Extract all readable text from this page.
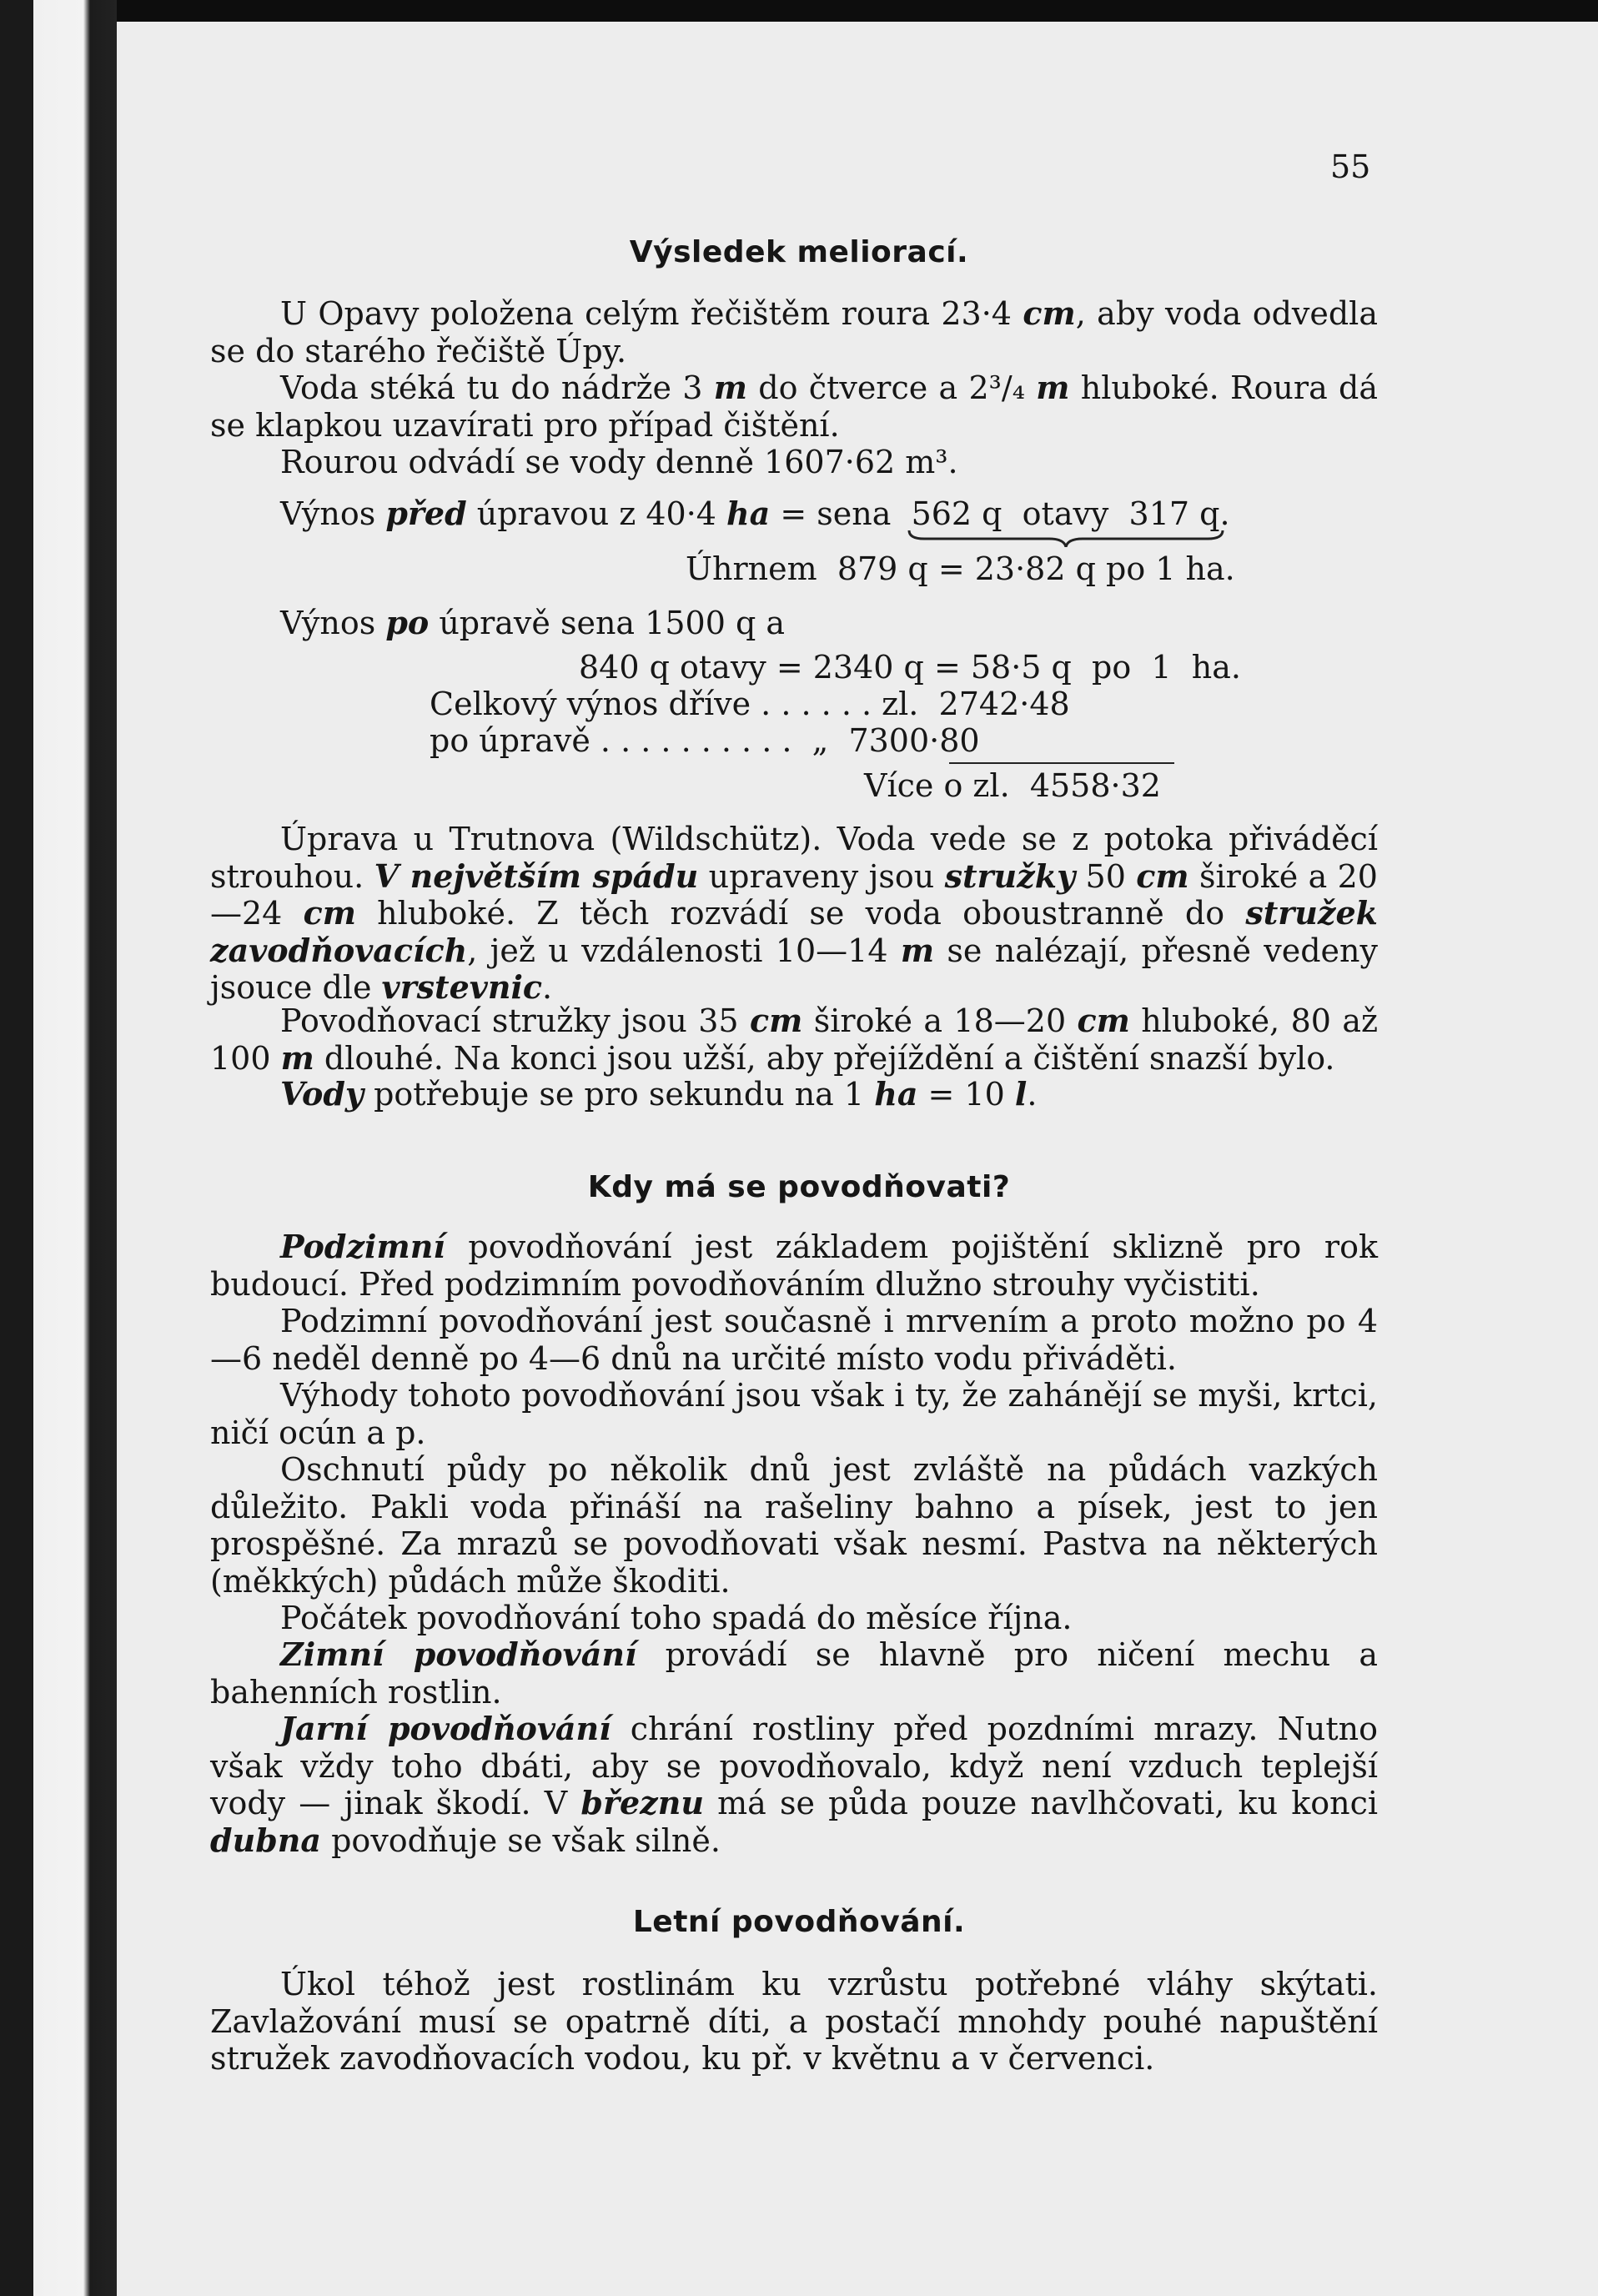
55
Výsledek meliorací.
U Opavy položena celým řečištěm roura 23·4 cm, aby voda odvedla se do starého řečiště Úpy.
Voda stéká tu do nádrže 3 m do čtverce a 2³/₄ m hluboké. Roura dá se klapkou uzavírati pro případ čištění.
Rourou odvádí se vody denně 1607·62 m³.
Výnos před úpravou z 40·4 ha = sena  562 q  otavy  317 q.
Úhrnem  879 q = 23·82 q po 1 ha.
Výnos po úpravě sena 1500 q a
840 q otavy = 2340 q = 58·5 q  po  1  ha.
Celkový výnos dříve . . . . . . zl.  2742·48
po úpravě . . . . . . . . . .  „  7300·80
Více o zl.  4558·32
Úprava u Trutnova (Wildschütz). Voda vede se z potoka přiváděcí strouhou. V největším spádu upraveny jsou stružky 50 cm široké a 20—24 cm hluboké. Z těch rozvádí se voda oboustranně do stružek zavodňovacích, jež u vzdálenosti 10—14 m se nalézají, přesně vedeny jsouce dle vrstevnic.
Povodňovací stružky jsou 35 cm široké a 18—20 cm hluboké, 80 až 100 m dlouhé. Na konci jsou užší, aby přejíždění a čištění snazší bylo.
Vody potřebuje se pro sekundu na 1 ha = 10 l.
Kdy má se povodňovati?
Podzimní povodňování jest základem pojištění sklizně pro rok budoucí. Před podzimním povodňováním dlužno strouhy vyčistiti.
Podzimní povodňování jest současně i mrvením a proto možno po 4—6 neděl denně po 4—6 dnů na určité místo vodu přiváděti.
Výhody tohoto povodňování jsou však i ty, že zahánějí se myši, krtci, ničí ocún a p.
Oschnutí půdy po několik dnů jest zvláště na půdách vazkých důležito. Pakli voda přináší na rašeliny bahno a písek, jest to jen prospěšné. Za mrazů se povodňovati však nesmí. Pastva na některých (měkkých) půdách může škoditi.
Počátek povodňování toho spadá do měsíce října.
Zimní povodňování provádí se hlavně pro ničení mechu a bahenních rostlin.
Jarní povodňování chrání rostliny před pozdními mrazy. Nutno však vždy toho dbáti, aby se povodňovalo, když není vzduch teplejší vody — jinak škodí. V březnu má se půda pouze navlhčovati, ku konci dubna povodňuje se však silně.
Letní povodňování.
Úkol téhož jest rostlinám ku vzrůstu potřebné vláhy skýtati. Zavlažování musí se opatrně díti, a postačí mnohdy pouhé napuštění stružek zavodňovacích vodou, ku př. v květnu a v červenci.
